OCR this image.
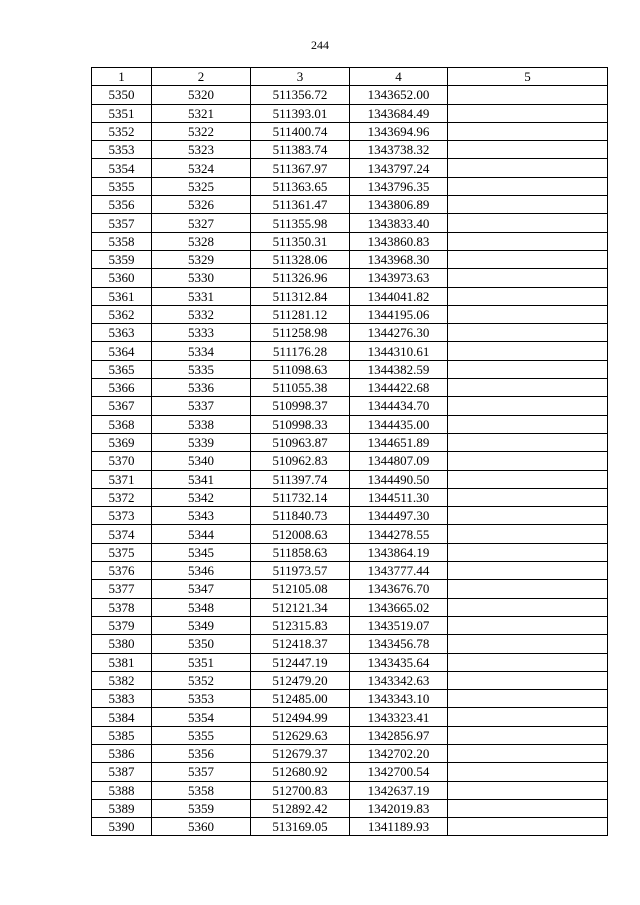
244
1	2	3	4	5
5350	5320	511356.72	1343652.00	
5351	5321	511393.01	1343684.49	
5352	5322	511400.74	1343694.96	
5353	5323	511383.74	1343738.32	
5354	5324	511367.97	1343797.24	
5355	5325	511363.65	1343796.35	
5356	5326	511361.47	1343806.89	
5357	5327	511355.98	1343833.40	
5358	5328	511350.31	1343860.83	
5359	5329	511328.06	1343968.30	
5360	5330	511326.96	1343973.63	
5361	5331	511312.84	1344041.82	
5362	5332	511281.12	1344195.06	
5363	5333	511258.98	1344276.30	
5364	5334	511176.28	1344310.61	
5365	5335	511098.63	1344382.59	
5366	5336	511055.38	1344422.68	
5367	5337	510998.37	1344434.70	
5368	5338	510998.33	1344435.00	
5369	5339	510963.87	1344651.89	
5370	5340	510962.83	1344807.09	
5371	5341	511397.74	1344490.50	
5372	5342	511732.14	1344511.30	
5373	5343	511840.73	1344497.30	
5374	5344	512008.63	1344278.55	
5375	5345	511858.63	1343864.19	
5376	5346	511973.57	1343777.44	
5377	5347	512105.08	1343676.70	
5378	5348	512121.34	1343665.02	
5379	5349	512315.83	1343519.07	
5380	5350	512418.37	1343456.78	
5381	5351	512447.19	1343435.64	
5382	5352	512479.20	1343342.63	
5383	5353	512485.00	1343343.10	
5384	5354	512494.99	1343323.41	
5385	5355	512629.63	1342856.97	
5386	5356	512679.37	1342702.20	
5387	5357	512680.92	1342700.54	
5388	5358	512700.83	1342637.19	
5389	5359	512892.42	1342019.83	
5390	5360	513169.05	1341189.93	
